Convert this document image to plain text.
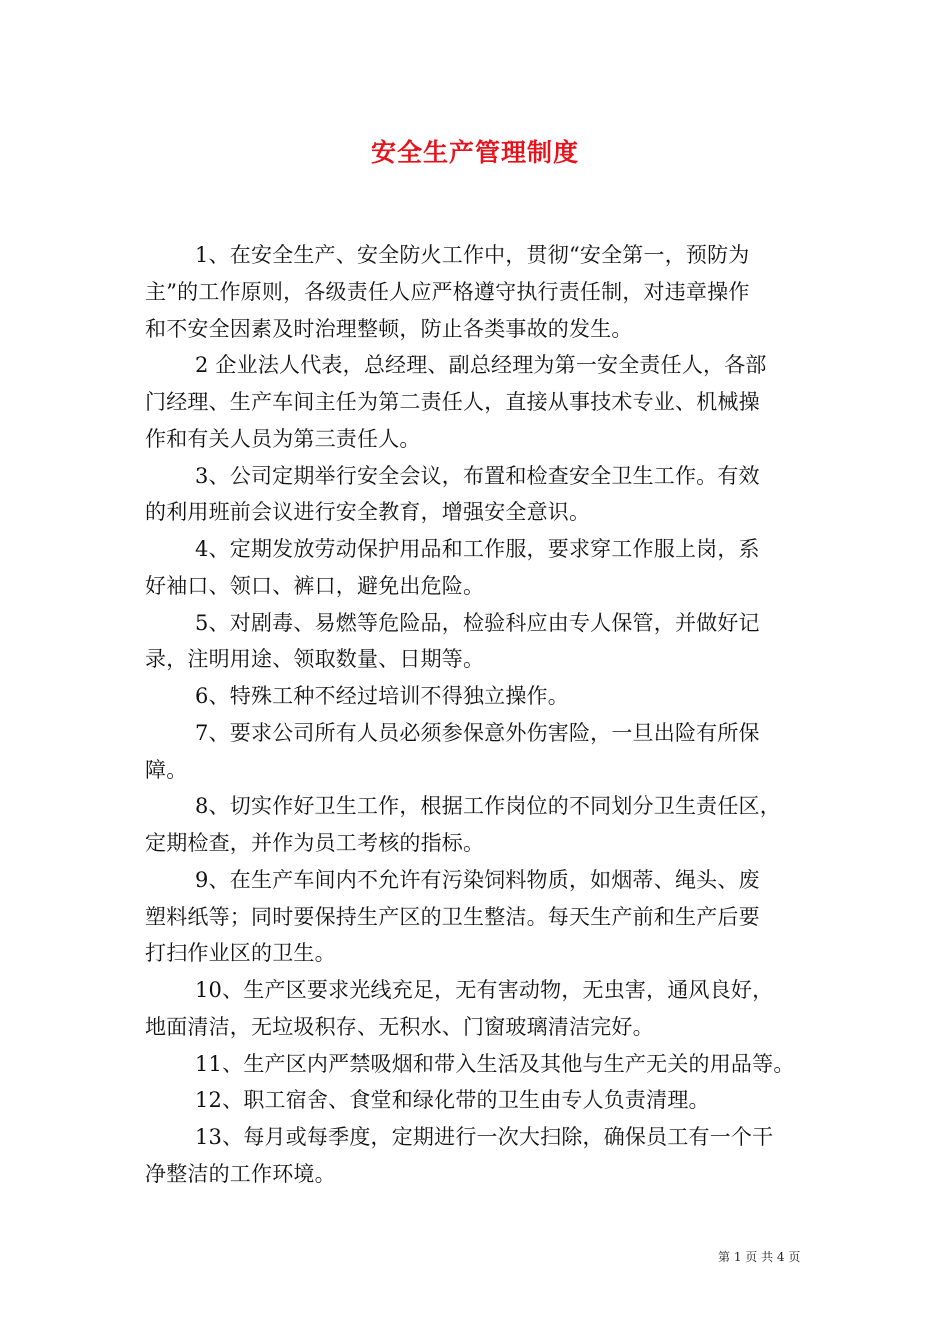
安全生产管理制度
1、在安全生产、安全防火工作中，贯彻“安全第一，预防为
主”的工作原则，各级责任人应严格遵守执行责任制，对违章操作
和不安全因素及时治理整顿，防止各类事故的发生。
2 企业法人代表，总经理、副总经理为第一安全责任人，各部
门经理、生产车间主任为第二责任人，直接从事技术专业、机械操
作和有关人员为第三责任人。
3、公司定期举行安全会议，布置和检查安全卫生工作。有效
的利用班前会议进行安全教育，增强安全意识。
4、定期发放劳动保护用品和工作服，要求穿工作服上岗，系
好袖口、领口、裤口，避免出危险。
5、对剧毒、易燃等危险品，检验科应由专人保管，并做好记
录，注明用途、领取数量、日期等。
6、特殊工种不经过培训不得独立操作。
7、要求公司所有人员必须参保意外伤害险，一旦出险有所保
障。
8、切实作好卫生工作，根据工作岗位的不同划分卫生责任区，
定期检查，并作为员工考核的指标。
9、在生产车间内不允许有污染饲料物质，如烟蒂、绳头、废
塑料纸等；同时要保持生产区的卫生整洁。每天生产前和生产后要
打扫作业区的卫生。
10、生产区要求光线充足，无有害动物，无虫害，通风良好，
地面清洁，无垃圾积存、无积水、门窗玻璃清洁完好。
11、生产区内严禁吸烟和带入生活及其他与生产无关的用品等。
12、职工宿舍、食堂和绿化带的卫生由专人负责清理。
13、每月或每季度，定期进行一次大扫除，确保员工有一个干
净整洁的工作环境。
第 1 页 共 4 页
